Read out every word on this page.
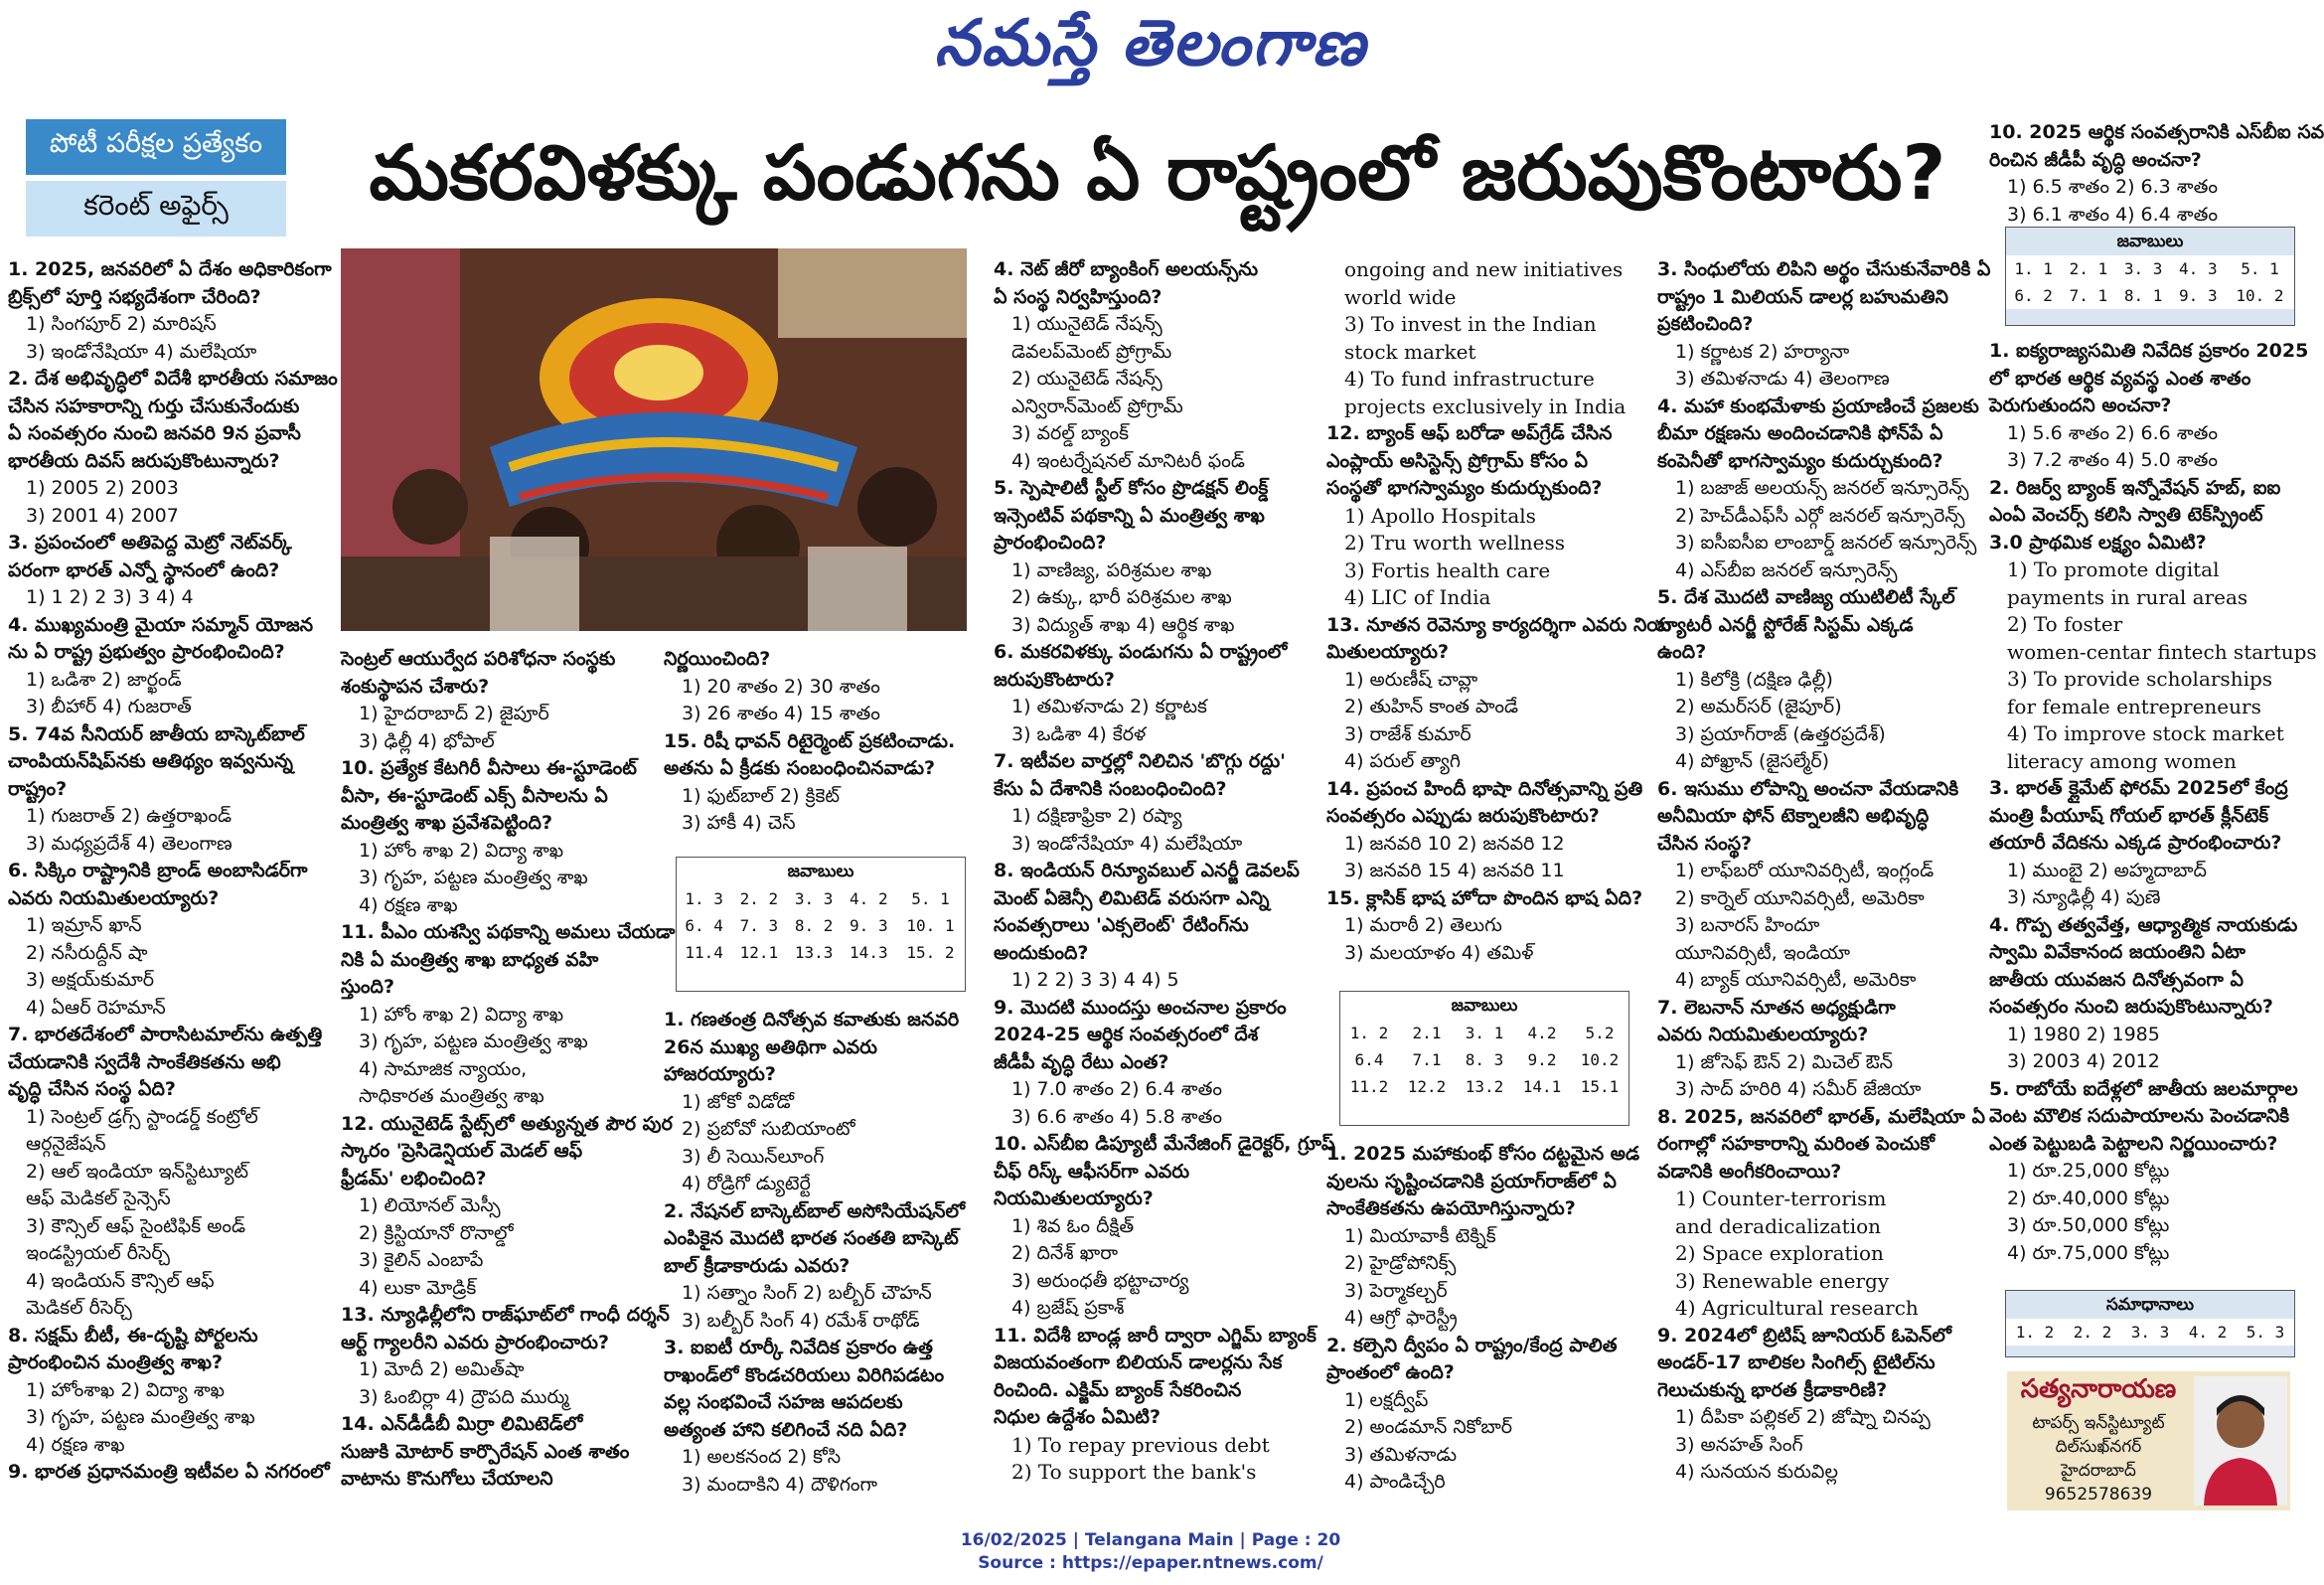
నమస్తే తెలంగాణ
పోటీ పరీక్షల ప్రత్యేకం
కరెంట్ అఫైర్స్	మకరవిళక్కు పండుగను ఏ రాష్ట్రంలో జరుపుకొంటారు?
1. 2025, జనవరిలో ఏ దేశం అధికారికంగా
బ్రిక్స్‌లో పూర్తి సభ్యదేశంగా చేరింది?
1) సింగపూర్ 2) మారిషస్
3) ఇండోనేషియా 4) మలేషియా
2. దేశ అభివృద్ధిలో విదేశీ భారతీయ సమాజం
చేసిన సహకారాన్ని గుర్తు చేసుకునేందుకు
ఏ సంవత్సరం నుంచి జనవరి 9న ప్రవాసీ
భారతీయ దివస్ జరుపుకొంటున్నారు?
1) 2005 2) 2003
3) 2001 4) 2007
3. ప్రపంచంలో అతిపెద్ద మెట్రో నెట్‌వర్క్
పరంగా భారత్ ఎన్నో స్థానంలో ఉంది?
1) 1 2) 2 3) 3 4) 4
4. ముఖ్యమంత్రి మైయా సమ్మాన్ యోజన
ను ఏ రాష్ట్ర ప్రభుత్వం ప్రారంభించింది?
1) ఒడిశా 2) జార్ఖండ్
3) బీహార్ 4) గుజరాత్
5. 74వ సీనియర్ జాతీయ బాస్కెట్‌బాల్
చాంపియన్‌షిప్‌నకు ఆతిథ్యం ఇవ్వనున్న
రాష్ట్రం?
1) గుజరాత్ 2) ఉత్తరాఖండ్
3) మధ్యప్రదేశ్ 4) తెలంగాణ
6. సిక్కిం రాష్ట్రానికి బ్రాండ్ అంబాసిడర్‌గా
ఎవరు నియమితులయ్యారు?
1) ఇమ్రాన్ ఖాన్
2) నసీరుద్దీన్ షా
3) అక్షయ్‌కుమార్
4) ఏఆర్ రెహమాన్
7. భారతదేశంలో పారాసిటమాల్‌ను ఉత్పత్తి
చేయడానికి స్వదేశీ సాంకేతికతను అభి
వృద్ధి చేసిన సంస్థ ఏది?
1) సెంట్రల్ డ్రగ్స్ స్టాండర్డ్ కంట్రోల్
ఆర్గనైజేషన్
2) ఆల్ ఇండియా ఇన్‌స్టిట్యూట్
ఆఫ్ మెడికల్ సైన్సెస్
3) కౌన్సిల్ ఆఫ్ సైంటిఫిక్ అండ్
ఇండస్ట్రియల్ రీసెర్చ్
4) ఇండియన్ కౌన్సిల్ ఆఫ్
మెడికల్ రీసెర్చ్
8. సక్షమ్ బీటీ, ఈ-దృష్టి పోర్టలను
ప్రారంభించిన మంత్రిత్వ శాఖ?
1) హోంశాఖ 2) విద్యా శాఖ
3) గృహ, పట్టణ మంత్రిత్వ శాఖ
4) రక్షణ శాఖ
9. భారత ప్రధానమంత్రి ఇటీవల ఏ నగరంలో
సెంట్రల్ ఆయుర్వేద పరిశోధనా సంస్థకు
శంకుస్థాపన చేశారు?
1) హైదరాబాద్ 2) జైపూర్
3) ఢిల్లీ 4) భోపాల్
10. ప్రత్యేక కేటగిరీ వీసాలు ఈ-స్టూడెంట్
వీసా, ఈ-స్టూడెంట్ ఎక్స్ వీసాలను ఏ
మంత్రిత్వ శాఖ ప్రవేశపెట్టింది?
1) హోం శాఖ 2) విద్యా శాఖ
3) గృహ, పట్టణ మంత్రిత్వ శాఖ
4) రక్షణ శాఖ
11. పీఎం యశస్వి పథకాన్ని అమలు చేయడా
నికి ఏ మంత్రిత్వ శాఖ బాధ్యత వహి
స్తుంది?
1) హోం శాఖ 2) విద్యా శాఖ
3) గృహ, పట్టణ మంత్రిత్వ శాఖ
4) సామాజిక న్యాయం,
సాధికారత మంత్రిత్వ శాఖ
12. యునైటెడ్ స్టేట్స్‌లో అత్యున్నత పౌర పుర
స్కారం 'ప్రెసిడెన్షియల్ మెడల్ ఆఫ్
ఫ్రీడమ్' లభించింది?
1) లియోనల్ మెస్సీ
2) క్రిస్టియానో రొనాల్డో
3) కైలిన్ ఎంబాపే
4) లుకా మోడ్రిక్
13. న్యూఢిల్లీలోని రాజ్‌ఘాట్‌లో గాంధీ దర్శన్
ఆర్ట్ గ్యాలరీని ఎవరు ప్రారంభించారు?
1) మోదీ 2) అమిత్‌షా
3) ఓంబిర్లా 4) ద్రౌపది ముర్ము
14. ఎన్‌డీడీబీ మిర్రా లిమిటెడ్‌లో
సుజుకి మోటార్ కార్పొరేషన్ ఎంత శాతం
వాటాను కొనుగోలు చేయాలని
నిర్ణయించింది?
1) 20 శాతం 2) 30 శాతం
3) 26 శాతం 4) 15 శాతం
15. రిషీ ధావన్ రిటైర్మెంట్ ప్రకటించాడు.
అతను ఏ క్రీడకు సంబంధించినవాడు?
1) ఫుట్‌బాల్ 2) క్రికెట్
3) హాకీ 4) చెస్
జవాబులు
1. 3	2. 2	3. 3	4. 2	5. 1
6. 4	7. 3	8. 2	9. 3	10. 1
11.4	12.1	13.3	14.3	15. 2
1. గణతంత్ర దినోత్సవ కవాతుకు జనవరి
26న ముఖ్య అతిథిగా ఎవరు
హాజరయ్యారు?
1) జోకో విడోడో
2) ప్రబోవో సుబియాంటో
3) లీ సెయిన్‌లూంగ్
4) రోడ్రిగో డ్యుటెర్టే
2. నేషనల్ బాస్కెట్‌బాల్ అసోసియేషన్‌లో
ఎంపికైన మొదటి భారత సంతతి బాస్కెట్
బాల్ క్రీడాకారుడు ఎవరు?
1) సత్నాం సింగ్ 2) బల్బీర్ చౌహన్
3) బల్బీర్ సింగ్ 4) రమేశ్ రాథోడ్
3. ఐఐటీ రూర్కీ నివేదిక ప్రకారం ఉత్త
రాఖండ్‌లో కొండచరియలు విరిగిపడటం
వల్ల సంభవించే సహజ ఆపదలకు
అత్యంత హాని కలిగించే నది ఏది?
1) అలకనంద 2) కోసి
3) మందాకిని 4) దౌళిగంగా
4. నెట్ జీరో బ్యాంకింగ్ అలయన్స్‌ను
ఏ సంస్థ నిర్వహిస్తుంది?
1) యునైటెడ్ నేషన్స్
డెవలప్‌మెంట్ ప్రోగ్రామ్
2) యునైటెడ్ నేషన్స్
ఎన్విరాన్‌మెంట్ ప్రోగ్రామ్
3) వరల్డ్ బ్యాంక్
4) ఇంటర్నేషనల్ మానిటరీ ఫండ్
5. స్పెషాలిటీ స్టీల్ కోసం ప్రొడక్షన్ లింక్డ్
ఇన్సెంటివ్ పథకాన్ని ఏ మంత్రిత్వ శాఖ
ప్రారంభించింది?
1) వాణిజ్య, పరిశ్రమల శాఖ
2) ఉక్కు, భారీ పరిశ్రమల శాఖ
3) విద్యుత్ శాఖ 4) ఆర్థిక శాఖ
6. మకరవిళక్కు పండుగను ఏ రాష్ట్రంలో
జరుపుకొంటారు?
1) తమిళనాడు 2) కర్ణాటక
3) ఒడిశా 4) కేరళ
7. ఇటీవల వార్తల్లో నిలిచిన 'బొగ్గు రద్దు'
కేసు ఏ దేశానికి సంబంధించింది?
1) దక్షిణాఫ్రికా 2) రష్యా
3) ఇండోనేషియా 4) మలేషియా
8. ఇండియన్ రిన్యూవబుల్ ఎనర్జీ డెవలప్
మెంట్ ఏజెన్సీ లిమిటెడ్ వరుసగా ఎన్ని
సంవత్సరాలు 'ఎక్సలెంట్' రేటింగ్‌ను
అందుకుంది?
1) 2 2) 3 3) 4 4) 5
9. మొదటి ముందస్తు అంచనాల ప్రకారం
2024-25 ఆర్థిక సంవత్సరంలో దేశ
జీడీపీ వృద్ధి రేటు ఎంత?
1) 7.0 శాతం 2) 6.4 శాతం
3) 6.6 శాతం 4) 5.8 శాతం
10. ఎస్‌బీఐ డిప్యూటీ మేనేజింగ్ డైరెక్టర్, గ్రూప్
చీఫ్ రిస్క్ ఆఫీసర్‌గా ఎవరు
నియమితులయ్యారు?
1) శివ ఓం దీక్షిత్
2) దినేశ్ ఖారా
3) అరుంధతీ భట్టాచార్య
4) బ్రజేష్ ప్రకాశ్
11. విదేశీ బాండ్ల జారీ ద్వారా ఎగ్జిమ్ బ్యాంక్
విజయవంతంగా బిలియన్ డాలర్లను సేక
రించింది. ఎక్జిమ్ బ్యాంక్ సేకరించిన
నిధుల ఉద్దేశం ఏమిటి?
1) To repay previous debt
2) To support the bank's
ongoing and new initiatives
world wide
3) To invest in the Indian
stock market
4) To fund infrastructure
projects exclusively in India
12. బ్యాంక్ ఆఫ్ బరోడా అప్‌గ్రేడ్ చేసిన
ఎంప్లాయ్ అసిస్టెన్స్ ప్రోగ్రామ్ కోసం ఏ
సంస్థతో భాగస్వామ్యం కుదుర్చుకుంది?
1) Apollo Hospitals
2) Tru worth wellness
3) Fortis health care
4) LIC of India
13. నూతన రెవెన్యూ కార్యదర్శిగా ఎవరు నియ
మితులయ్యారు?
1) అరుణీష్ చావ్లా
2) తుహిన్ కాంత పాండే
3) రాజేశ్ కుమార్
4) పరుల్ త్యాగి
14. ప్రపంచ హిందీ భాషా దినోత్సవాన్ని ప్రతి
సంవత్సరం ఎప్పుడు జరుపుకొంటారు?
1) జనవరి 10 2) జనవరి 12
3) జనవరి 15 4) జనవరి 11
15. క్లాసిక్ భాష హోదా పొందిన భాష ఏది?
1) మరాఠీ 2) తెలుగు
3) మలయాళం 4) తమిళ్
జవాబులు
1. 2	2.1	3. 1	4.2	5.2
6.4	7.1	8. 3	9.2	10.2
11.2	12.2	13.2	14.1	15.1
1. 2025 మహాకుంభ్ కోసం దట్టమైన అడ
వులను సృష్టించడానికి ప్రయాగ్‌రాజ్‌లో ఏ
సాంకేతికతను ఉపయోగిస్తున్నారు?
1) మియావాకీ టెక్నిక్
2) హైడ్రోపోనిక్స్
3) పెర్మాకల్చర్
4) ఆగ్రో ఫారెస్ట్రీ
2. కల్పెని ద్వీపం ఏ రాష్ట్రం/కేంద్ర పాలిత
ప్రాంతంలో ఉంది?
1) లక్షద్వీప్
2) అండమాన్ నికోబార్
3) తమిళనాడు
4) పాండిచ్చేరి
3. సింధులోయ లిపిని అర్థం చేసుకునేవారికి ఏ
రాష్ట్రం 1 మిలియన్ డాలర్ల బహుమతిని
ప్రకటించింది?
1) కర్ణాటక 2) హర్యానా
3) తమిళనాడు 4) తెలంగాణ
4. మహా కుంభమేళాకు ప్రయాణించే ప్రజలకు
బీమా రక్షణను అందించడానికి ఫోన్‌పే ఏ
కంపెనీతో భాగస్వామ్యం కుదుర్చుకుంది?
1) బజాజ్ అలయన్స్ జనరల్ ఇన్సూరెన్స్
2) హెచ్‌డీఎఫ్‌సీ ఎర్గో జనరల్ ఇన్సూరెన్స్
3) ఐసీఐసీఐ లాంబార్డ్ జనరల్ ఇన్సూరెన్స్
4) ఎస్‌బీఐ జనరల్ ఇన్సూరెన్స్
5. దేశ మొదటి వాణిజ్య యుటిలిటీ స్కేల్
బ్యాటరీ ఎనర్జీ స్టోరేజ్ సిస్టమ్ ఎక్కడ
ఉంది?
1) కిలోక్రి (దక్షిణ ఢిల్లీ)
2) అమర్‌సర్ (జైపూర్)
3) ప్రయాగ్‌రాజ్ (ఉత్తరప్రదేశ్)
4) పోఖ్రాన్ (జైసల్మేర్)
6. ఇసుము లోపాన్ని అంచనా వేయడానికి
అనీమియా ఫోన్ టెక్నాలజీని అభివృద్ధి
చేసిన సంస్థ?
1) లాఫ్‌బరో యూనివర్సిటీ, ఇంగ్లండ్
2) కార్నెల్ యూనివర్సిటీ, అమెరికా
3) బనారస్ హిందూ
యూనివర్సిటీ, ఇండియా
4) బ్యాక్ యూనివర్సిటీ, అమెరికా
7. లెబనాన్ నూతన అధ్యక్షుడిగా
ఎవరు నియమితులయ్యారు?
1) జోసెఫ్ ఔన్ 2) మిచెల్ ఔన్
3) సాద్ హరిరి 4) సమీర్ జేజియా
8. 2025, జనవరిలో భారత్, మలేషియా ఏ
రంగాల్లో సహకారాన్ని మరింత పెంచుకో
వడానికి అంగీకరించాయి?
1) Counter-terrorism
and deradicalization
2) Space exploration
3) Renewable energy
4) Agricultural research
9. 2024లో బ్రిటిష్ జూనియర్ ఓపెన్‌లో
అండర్-17 బాలికల సింగిల్స్ టైటిల్‌ను
గెలుచుకున్న భారత క్రీడాకారిణి?
1) దీపికా పల్లికల్ 2) జోష్నా చినప్ప
3) అనహత్ సింగ్
4) సునయన కురువిల్ల
10. 2025 ఆర్థిక సంవత్సరానికి ఎస్‌బీఐ సవ
రించిన జీడీపీ వృద్ధి అంచనా?
1) 6.5 శాతం 2) 6.3 శాతం
3) 6.1 శాతం 4) 6.4 శాతం
జవాబులు
1. 1	2. 1	3. 3	4. 3	5. 1
6. 2	7. 1	8. 1	9. 3	10. 2
1. ఐక్యరాజ్యసమితి నివేదిక ప్రకారం 2025
లో భారత ఆర్థిక వ్యవస్థ ఎంత శాతం
పెరుగుతుందని అంచనా?
1) 5.6 శాతం 2) 6.6 శాతం
3) 7.2 శాతం 4) 5.0 శాతం
2. రిజర్వ్ బ్యాంక్ ఇన్నోవేషన్ హబ్, ఐఐ
ఎంఏ వెంచర్స్ కలిసి స్వాతి టెక్‌స్ప్రింట్
3.0 ప్రాథమిక లక్ష్యం ఏమిటి?
1) To promote digital
payments in rural areas
2) To foster
women-centar fintech startups
3) To provide scholarships
for female entrepreneurs
4) To improve stock market
literacy among women
3. భారత్ క్లైమేట్ ఫోరమ్ 2025లో కేంద్ర
మంత్రి పీయూష్ గోయల్ భారత్ క్లీన్‌టెక్
తయారీ వేదికను ఎక్కడ ప్రారంభించారు?
1) ముంబై 2) అహ్మదాబాద్
3) న్యూఢిల్లీ 4) పుణె
4. గొప్ప తత్వవేత్త, ఆధ్యాత్మిక నాయకుడు
స్వామి వివేకానంద జయంతిని ఏటా
జాతీయ యువజన దినోత్సవంగా ఏ
సంవత్సరం నుంచి జరుపుకొంటున్నారు?
1) 1980 2) 1985
3) 2003 4) 2012
5. రాబోయే ఐదేళ్లలో జాతీయ జలమార్గాల
వెంట మౌలిక సదుపాయాలను పెంచడానికి
ఎంత పెట్టుబడి పెట్టాలని నిర్ణయించారు?
1) రూ.25,000 కోట్లు
2) రూ.40,000 కోట్లు
3) రూ.50,000 కోట్లు
4) రూ.75,000 కోట్లు
సమాధానాలు
1. 2	2. 2	3. 3	4. 2	5. 3
సత్యనారాయణ
టాపర్స్ ఇన్‌స్టిట్యూట్
దిల్‌సుఖ్‌నగర్
హైదరాబాద్
9652578639
16/02/2025 | Telangana Main | Page : 20
Source : https://epaper.ntnews.com/
